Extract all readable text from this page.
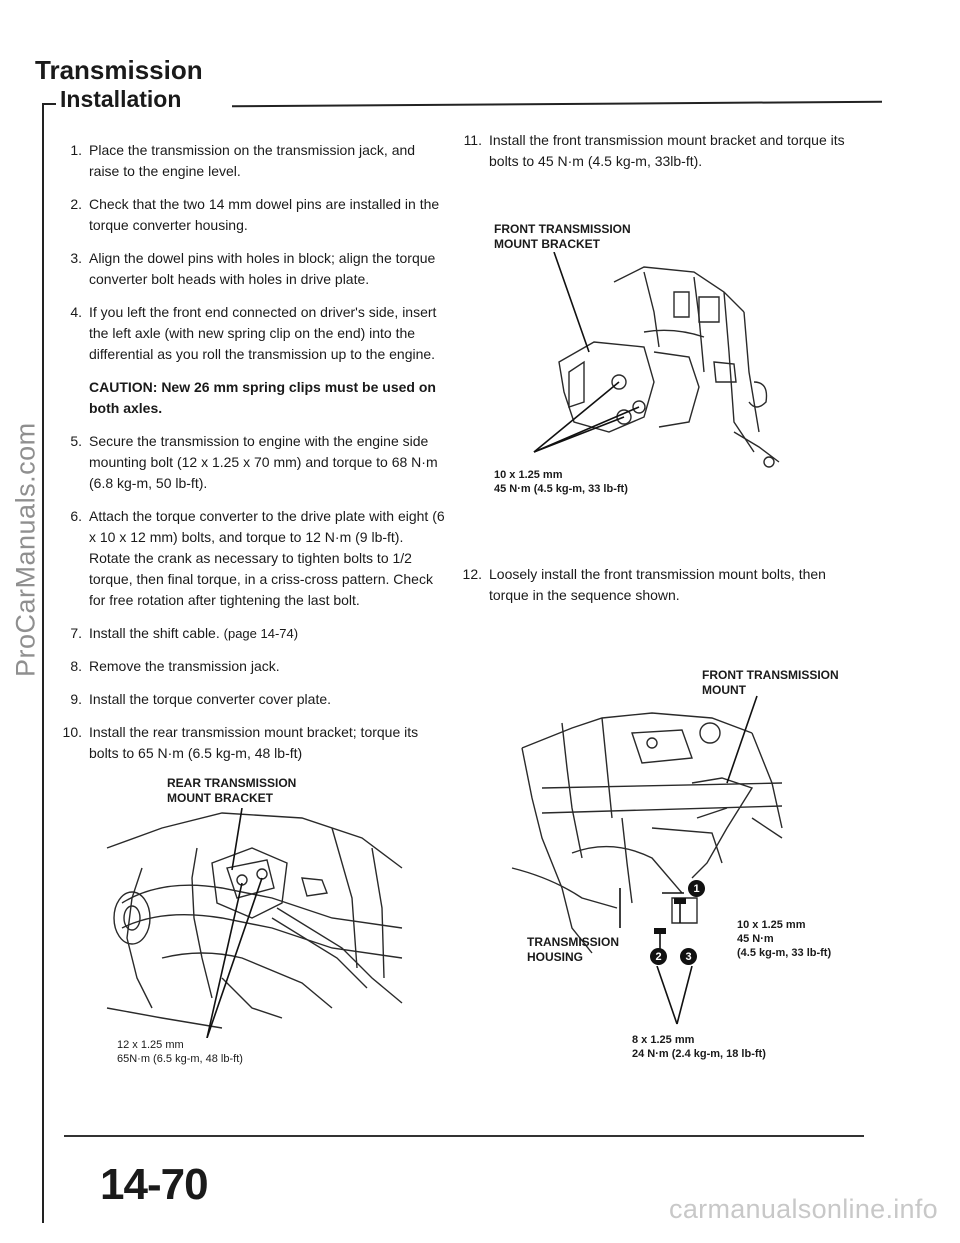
ProCarManuals.com
Transmission
Installation
1. Place the transmission on the transmission jack, and raise to the engine level.
2. Check that the two 14 mm dowel pins are installed in the torque converter housing.
3. Align the dowel pins with holes in block; align the torque converter bolt heads with holes in drive plate.
4. If you left the front end connected on driver's side, insert the left axle (with new spring clip on the end) into the differential as you roll the transmission up to the engine.
CAUTION: New 26 mm spring clips must be used on both axles.
5. Secure the transmission to engine with the engine side mounting bolt (12 x 1.25 x 70 mm) and torque to 68 N·m (6.8 kg-m, 50 lb-ft).
6. Attach the torque converter to the drive plate with eight (6 x 10 x 12 mm) bolts, and torque to 12 N·m (9 lb-ft). Rotate the crank as necessary to tighten bolts to 1/2 torque, then final torque, in a criss-cross pattern. Check for free rotation after tightening the last bolt.
7. Install the shift cable. (page 14-74)
8. Remove the transmission jack.
9. Install the torque converter cover plate.
10. Install the rear transmission mount bracket; torque its bolts to 65 N·m (6.5 kg-m, 48 lb-ft)
REAR TRANSMISSION
MOUNT BRACKET
12 x 1.25 mm
65N·m (6.5 kg-m, 48 lb-ft)
11. Install the front transmission mount bracket and torque its bolts to 45 N·m (4.5 kg-m, 33lb-ft).
FRONT TRANSMISSION
MOUNT BRACKET
10 x 1.25 mm
45 N·m (4.5 kg-m, 33 lb-ft)
12. Loosely install the front transmission mount bolts, then torque in the sequence shown.
FRONT TRANSMISSION
MOUNT
1
2	3
TRANSMISSION
HOUSING
10 x 1.25 mm
45 N·m
(4.5 kg-m, 33 lb-ft)
8 x 1.25 mm
24 N·m (2.4 kg-m, 18 lb-ft)
14-70	carmanualsonline.info
